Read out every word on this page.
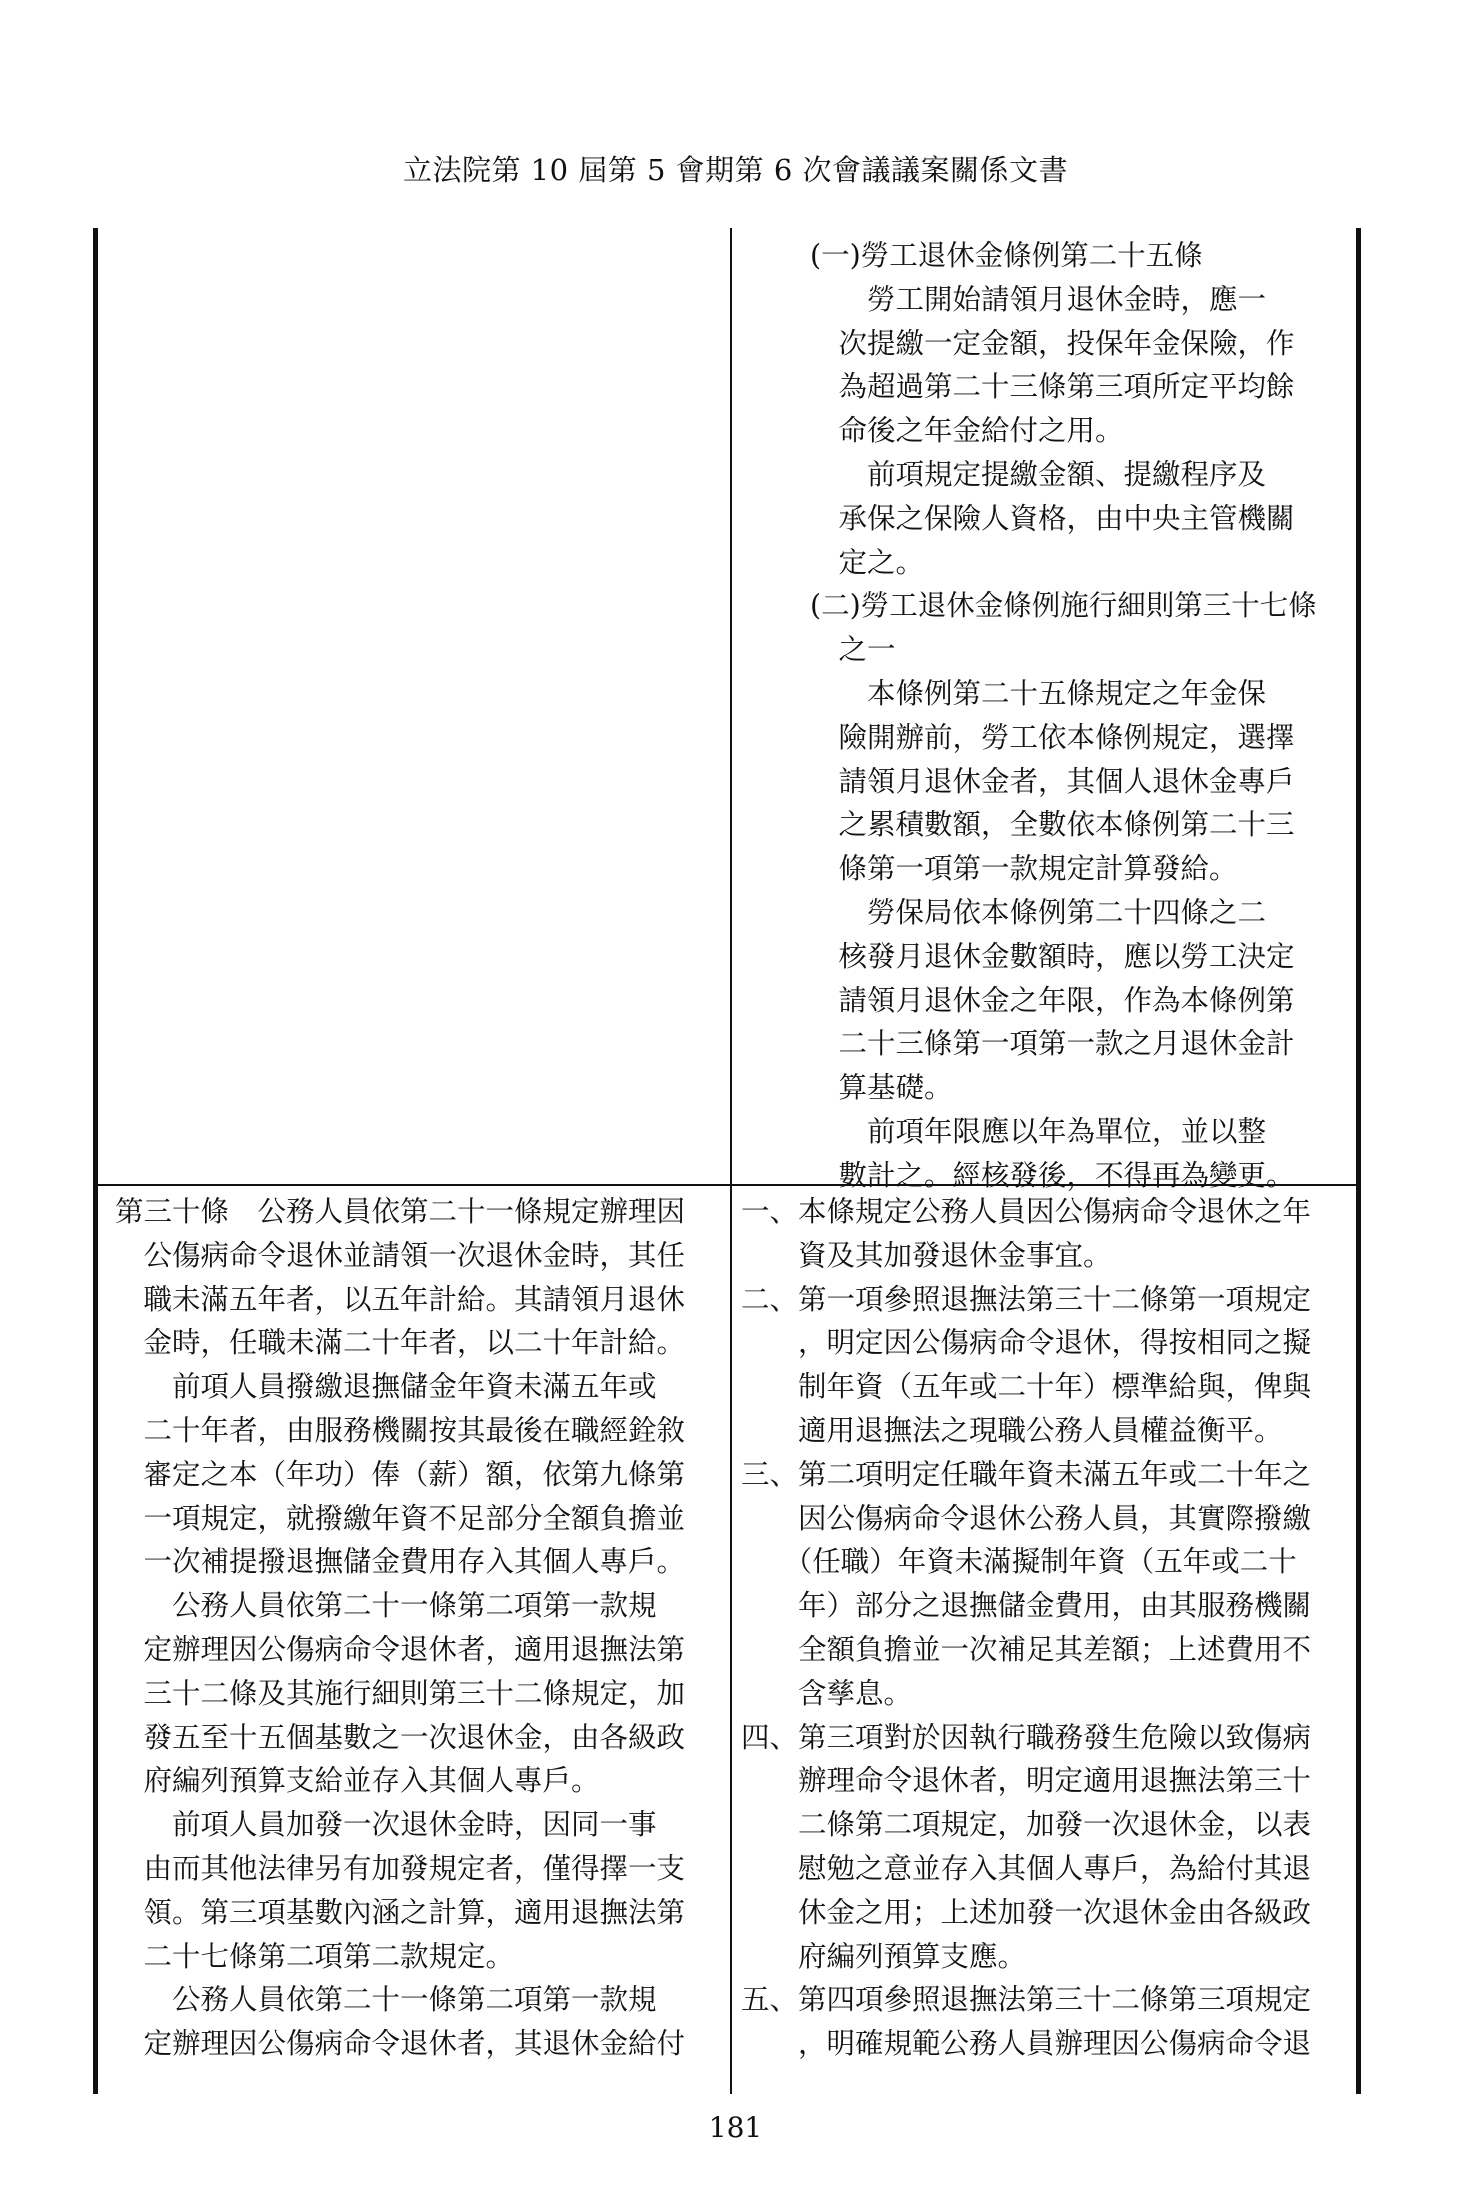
立法院第 10 屆第 5 會期第 6 次會議議案關係文書
(一)勞工退休金條例第二十五條
　　勞工開始請領月退休金時，應一
　次提繳一定金額，投保年金保險，作
　為超過第二十三條第三項所定平均餘
　命後之年金給付之用。
　　前項規定提繳金額、提繳程序及
　承保之保險人資格，由中央主管機關
　定之。
(二)勞工退休金條例施行細則第三十七條
　之一
　　本條例第二十五條規定之年金保
　險開辦前，勞工依本條例規定，選擇
　請領月退休金者，其個人退休金專戶
　之累積數額，全數依本條例第二十三
　條第一項第一款規定計算發給。
　　勞保局依本條例第二十四條之二
　核發月退休金數額時，應以勞工決定
　請領月退休金之年限，作為本條例第
　二十三條第一項第一款之月退休金計
　算基礎。
　　前項年限應以年為單位，並以整
　數計之。經核發後，不得再為變更。
第三十條　公務人員依第二十一條規定辦理因
　公傷病命令退休並請領一次退休金時，其任
　職未滿五年者，以五年計給。其請領月退休
　金時，任職未滿二十年者，以二十年計給。
　　前項人員撥繳退撫儲金年資未滿五年或
　二十年者，由服務機關按其最後在職經銓敘
　審定之本（年功）俸（薪）額，依第九條第
　一項規定，就撥繳年資不足部分全額負擔並
　一次補提撥退撫儲金費用存入其個人專戶。
　　公務人員依第二十一條第二項第一款規
　定辦理因公傷病命令退休者，適用退撫法第
　三十二條及其施行細則第三十二條規定，加
　發五至十五個基數之一次退休金，由各級政
　府編列預算支給並存入其個人專戶。
　　前項人員加發一次退休金時，因同一事
　由而其他法律另有加發規定者，僅得擇一支
　領。第三項基數內涵之計算，適用退撫法第
　二十七條第二項第二款規定。
　　公務人員依第二十一條第二項第一款規
　定辦理因公傷病命令退休者，其退休金給付
一、本條規定公務人員因公傷病命令退休之年
　　資及其加發退休金事宜。
二、第一項參照退撫法第三十二條第一項規定
　　，明定因公傷病命令退休，得按相同之擬
　　制年資（五年或二十年）標準給與，俾與
　　適用退撫法之現職公務人員權益衡平。
三、第二項明定任職年資未滿五年或二十年之
　　因公傷病命令退休公務人員，其實際撥繳
　　（任職）年資未滿擬制年資（五年或二十
　　年）部分之退撫儲金費用，由其服務機關
　　全額負擔並一次補足其差額；上述費用不
　　含孳息。
四、第三項對於因執行職務發生危險以致傷病
　　辦理命令退休者，明定適用退撫法第三十
　　二條第二項規定，加發一次退休金，以表
　　慰勉之意並存入其個人專戶，為給付其退
　　休金之用；上述加發一次退休金由各級政
　　府編列預算支應。
五、第四項參照退撫法第三十二條第三項規定
　　，明確規範公務人員辦理因公傷病命令退
181
